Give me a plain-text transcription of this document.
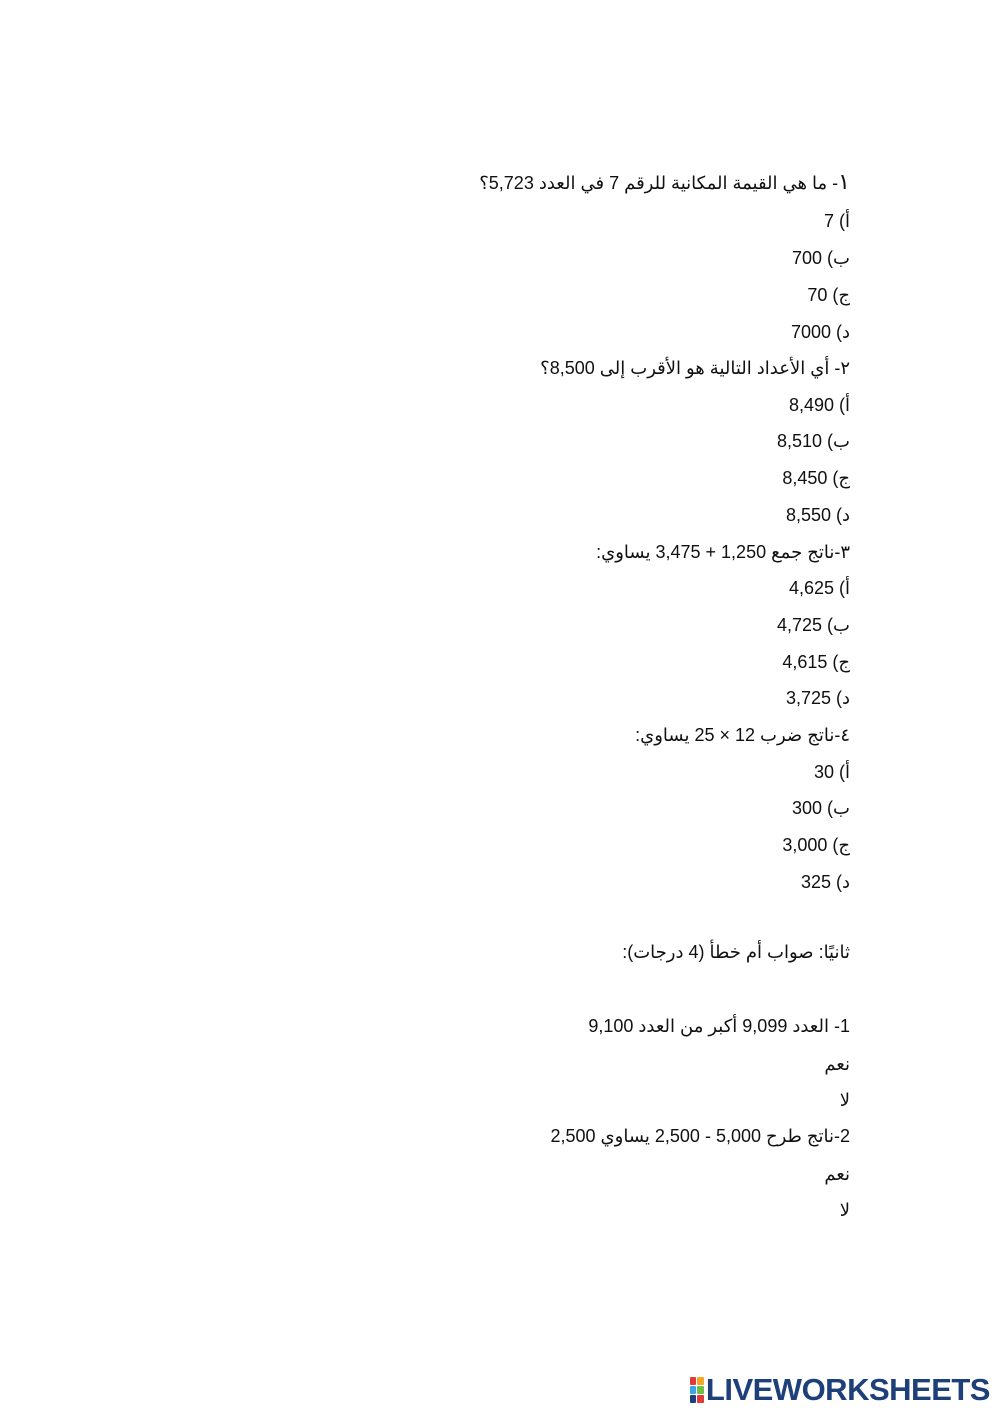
١- ما هي القيمة المكانية للرقم 7 في العدد 5,723؟
أ) 7
ب) 700
ج) 70
د) 7000
٢- أي الأعداد التالية هو الأقرب إلى 8,500؟
أ) 8,490
ب) 8,510
ج) 8,450
د) 8,550
٣-ناتج جمع 1,250 + 3,475 يساوي:
أ) 4,625
ب) 4,725
ج) 4,615
د) 3,725
٤-ناتج ضرب 12 × 25 يساوي:
أ) 30
ب) 300
ج) 3,000
د) 325
ثانيًا: صواب أم خطأ (4 درجات):
1- العدد 9,099 أكبر من العدد 9,100
نعم
لا
2-ناتج طرح 5,000 - 2,500 يساوي 2,500
نعم
لا
LIVEWORKSHEETS
